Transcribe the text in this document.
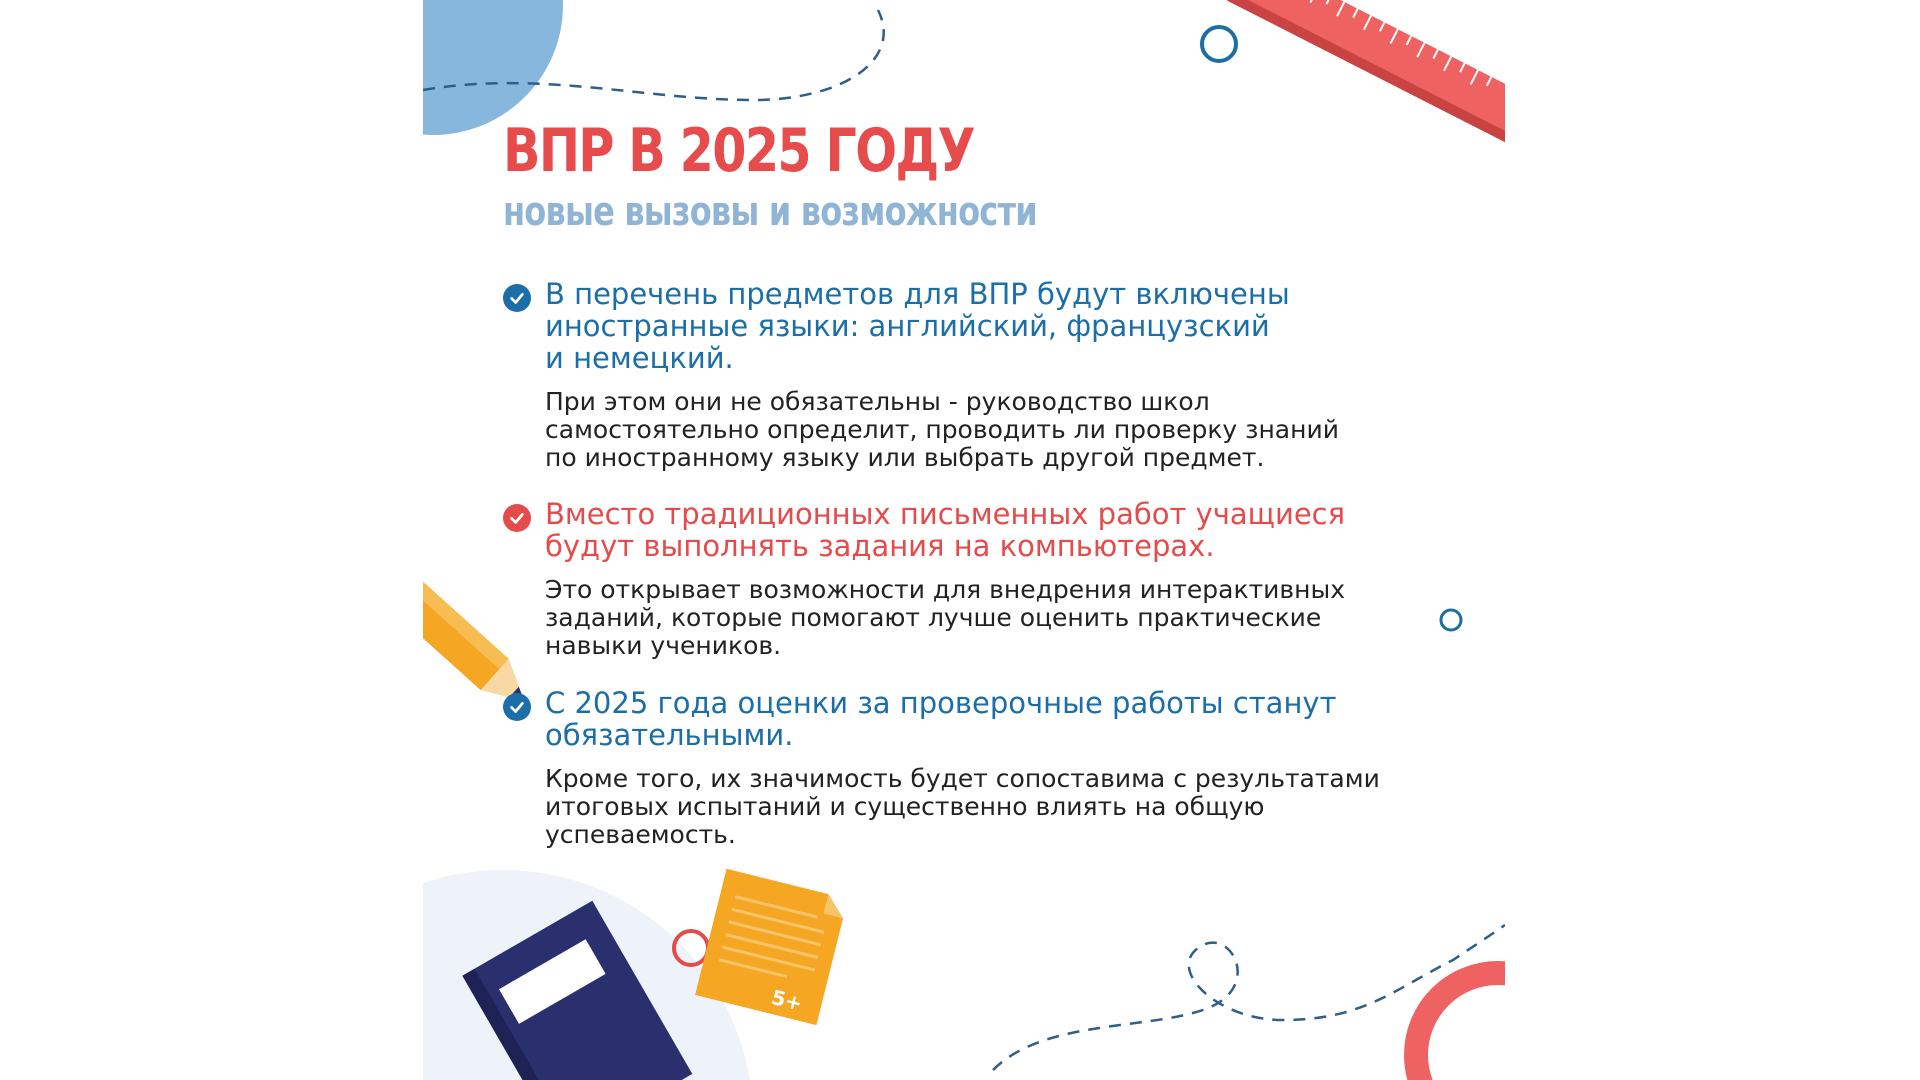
5+
ВПР В 2025 ГОДУ
новые вызовы и возможности

В перечень предметов для ВПР будут включены
иностранные языки: английский, французский
и немецкий.

При этом они не обязательны - руководство школ
самостоятельно определит, проводить ли проверку знаний
по иностранному языку или выбрать другой предмет.

Вместо традиционных письменных работ учащиеся
будут выполнять задания на компьютерах.

Это открывает возможности для внедрения интерактивных
заданий, которые помогают лучше оценить практические
навыки учеников.

С 2025 года оценки за проверочные работы станут
обязательными.

Кроме того, их значимость будет сопоставима с результатами
итоговых испытаний и существенно влиять на общую
успеваемость.
